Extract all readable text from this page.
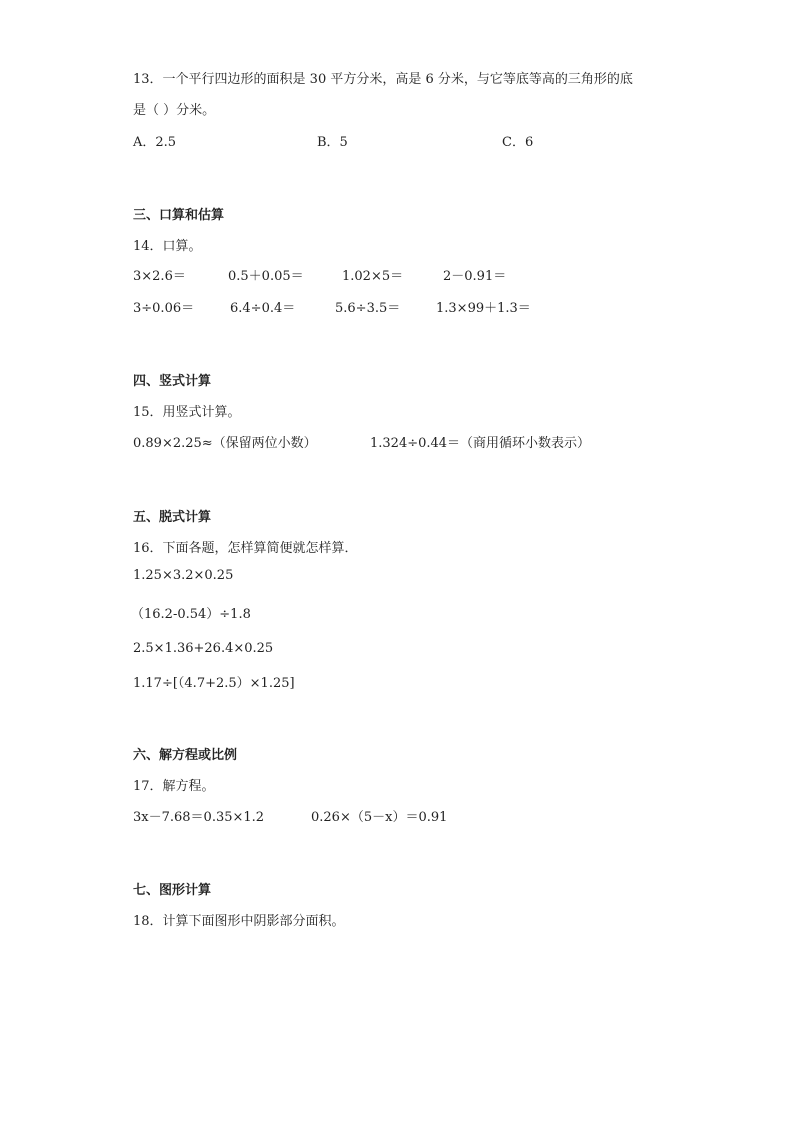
13．一个平行四边形的面积是 30 平方分米，高是 6 分米，与它等底等高的三角形的底
是（ ）分米。
A．2.5	B．5	C．6
三、口算和估算
14．口算。
3×2.6＝	0.5＋0.05＝	1.02×5＝	2－0.91＝
3÷0.06＝	6.4÷0.4＝	5.6÷3.5＝	1.3×99＋1.3＝
四、竖式计算
15．用竖式计算。
0.89×2.25≈（保留两位小数）	1.324÷0.44＝（商用循环小数表示）
五、脱式计算
16．下面各题，怎样算简便就怎样算．
1.25×3.2×0.25
（16.2-0.54）÷1.8
2.5×1.36+26.4×0.25
1.17÷[（4.7+2.5）×1.25]
六、解方程或比例
17．解方程。
3x－7.68＝0.35×1.2	0.26×（5－x）＝0.91
七、图形计算
18．计算下面图形中阴影部分面积。
